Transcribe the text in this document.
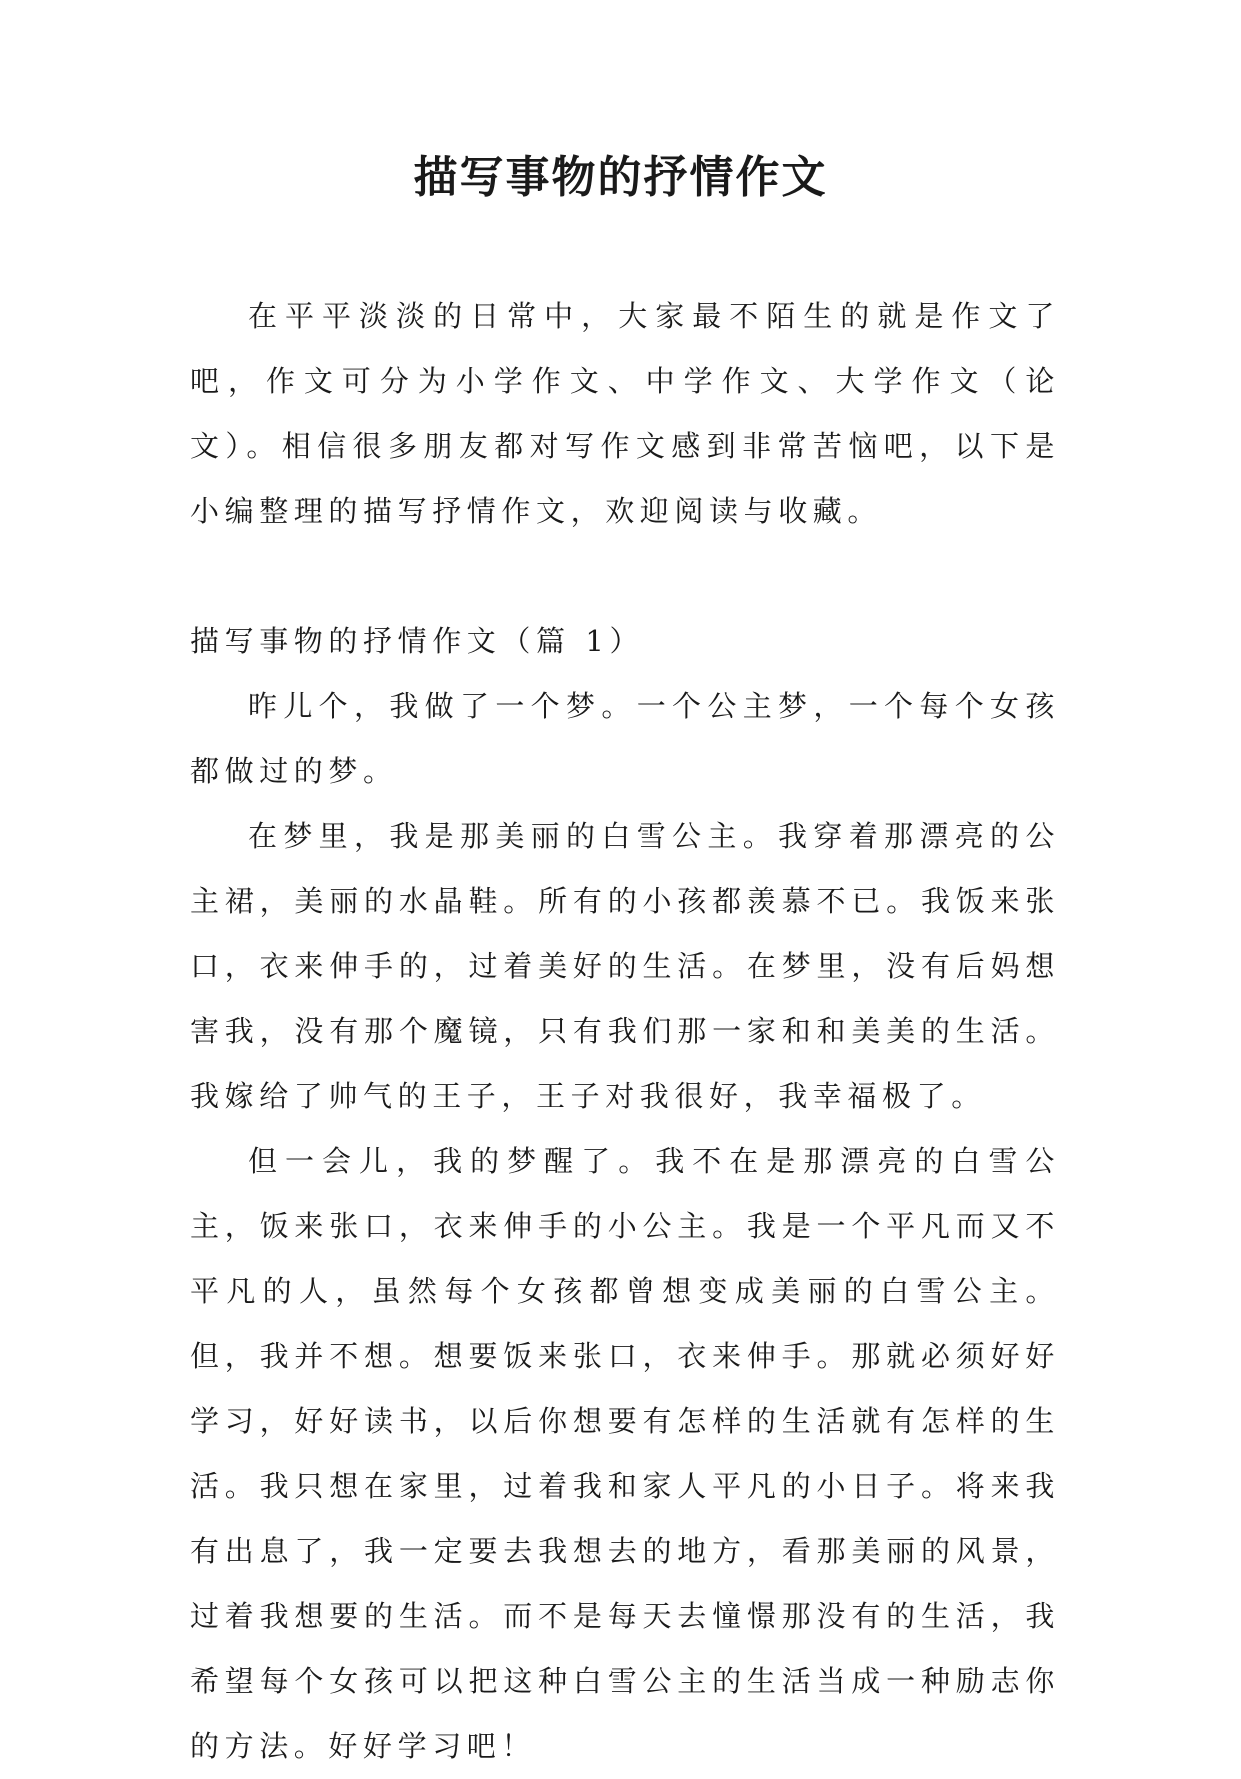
描写事物的抒情作文

在平平淡淡的日常中，大家最不陌生的就是作文了吧，作文可分为小学作文、中学作文、大学作文（论文）。相信很多朋友都对写作文感到非常苦恼吧，以下是小编整理的描写抒情作文，欢迎阅读与收藏。

描写事物的抒情作文（篇 1）

昨儿个，我做了一个梦。一个公主梦，一个每个女孩都做过的梦。

在梦里，我是那美丽的白雪公主。我穿着那漂亮的公主裙，美丽的水晶鞋。所有的小孩都羡慕不已。我饭来张口，衣来伸手的，过着美好的生活。在梦里，没有后妈想害我，没有那个魔镜，只有我们那一家和和美美的生活。我嫁给了帅气的王子，王子对我很好，我幸福极了。

但一会儿，我的梦醒了。我不在是那漂亮的白雪公主，饭来张口，衣来伸手的小公主。我是一个平凡而又不平凡的人，虽然每个女孩都曾想变成美丽的白雪公主。但，我并不想。想要饭来张口，衣来伸手。那就必须好好学习，好好读书，以后你想要有怎样的生活就有怎样的生活。我只想在家里，过着我和家人平凡的小日子。将来我有出息了，我一定要去我想去的地方，看那美丽的风景，过着我想要的生活。而不是每天去憧憬那没有的生活，我希望每个女孩可以把这种白雪公主的生活当成一种励志你的方法。好好学习吧！
